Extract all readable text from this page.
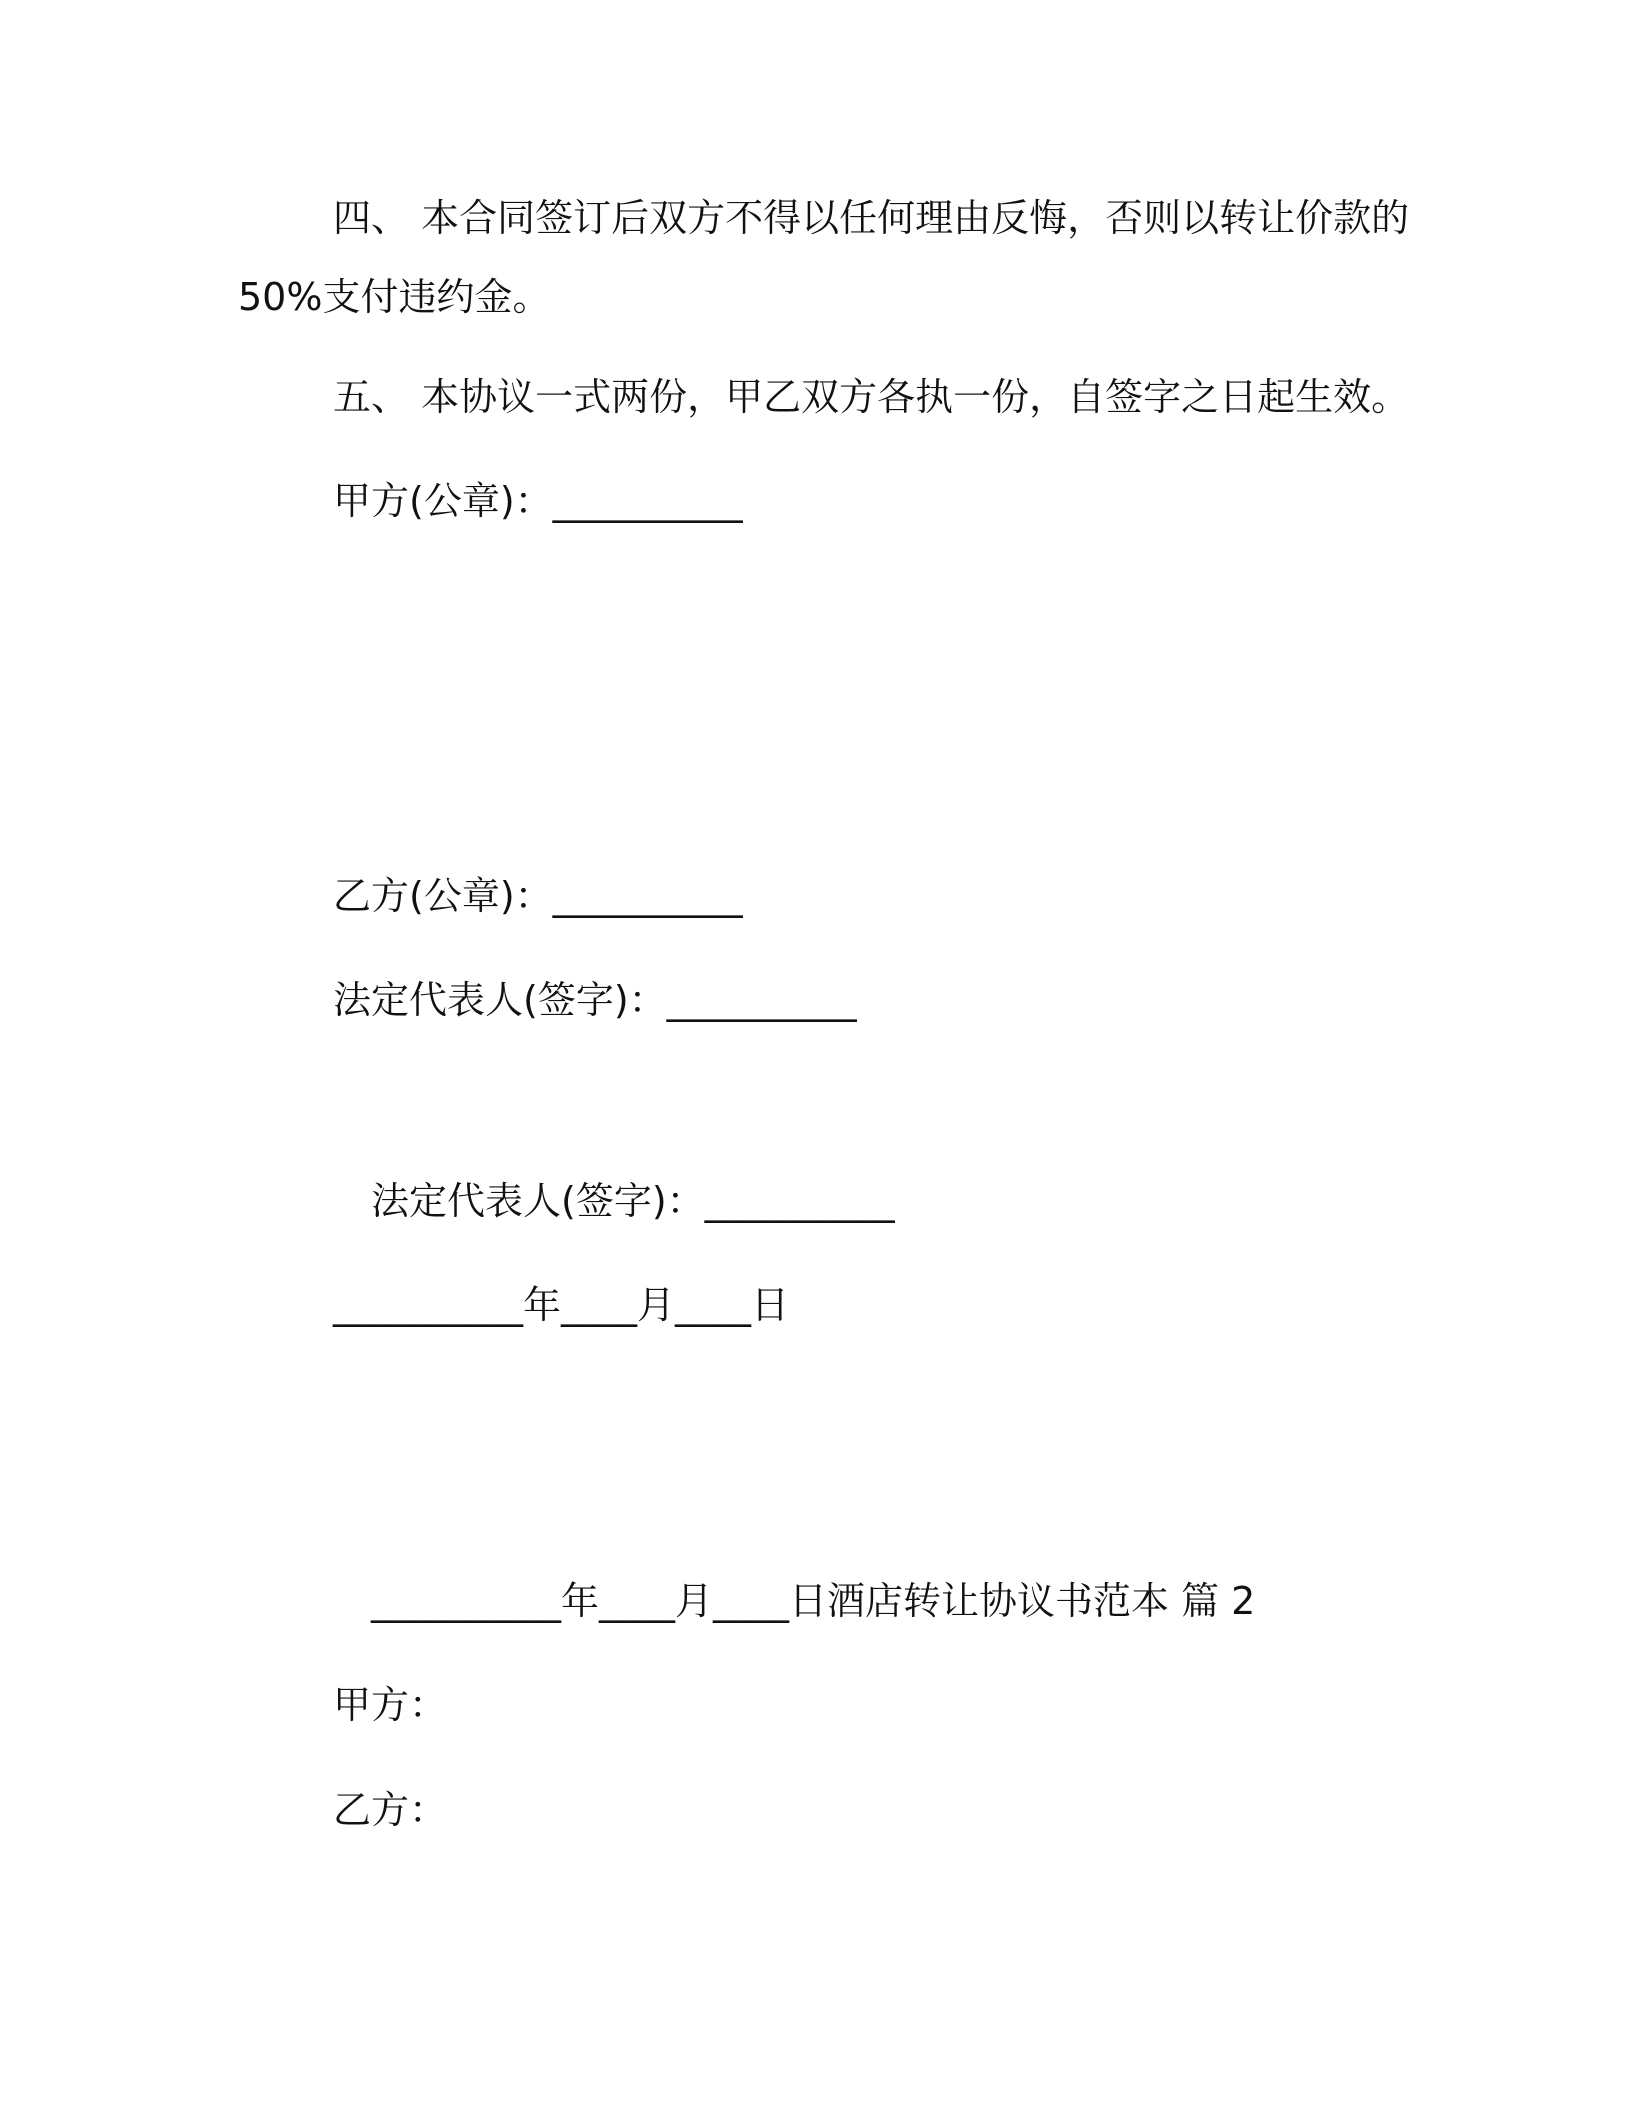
四、 本合同签订后双方不得以任何理由反悔，否则以转让价款的
50%支付违约金。
五、 本协议一式两份，甲乙双方各执一份，自签字之日起生效。
甲方(公章)：__________
乙方(公章)：__________
法定代表人(签字)：__________
法定代表人(签字)：__________
__________年____月____日
__________年____月____日酒店转让协议书范本 篇 2
甲方：
乙方：
